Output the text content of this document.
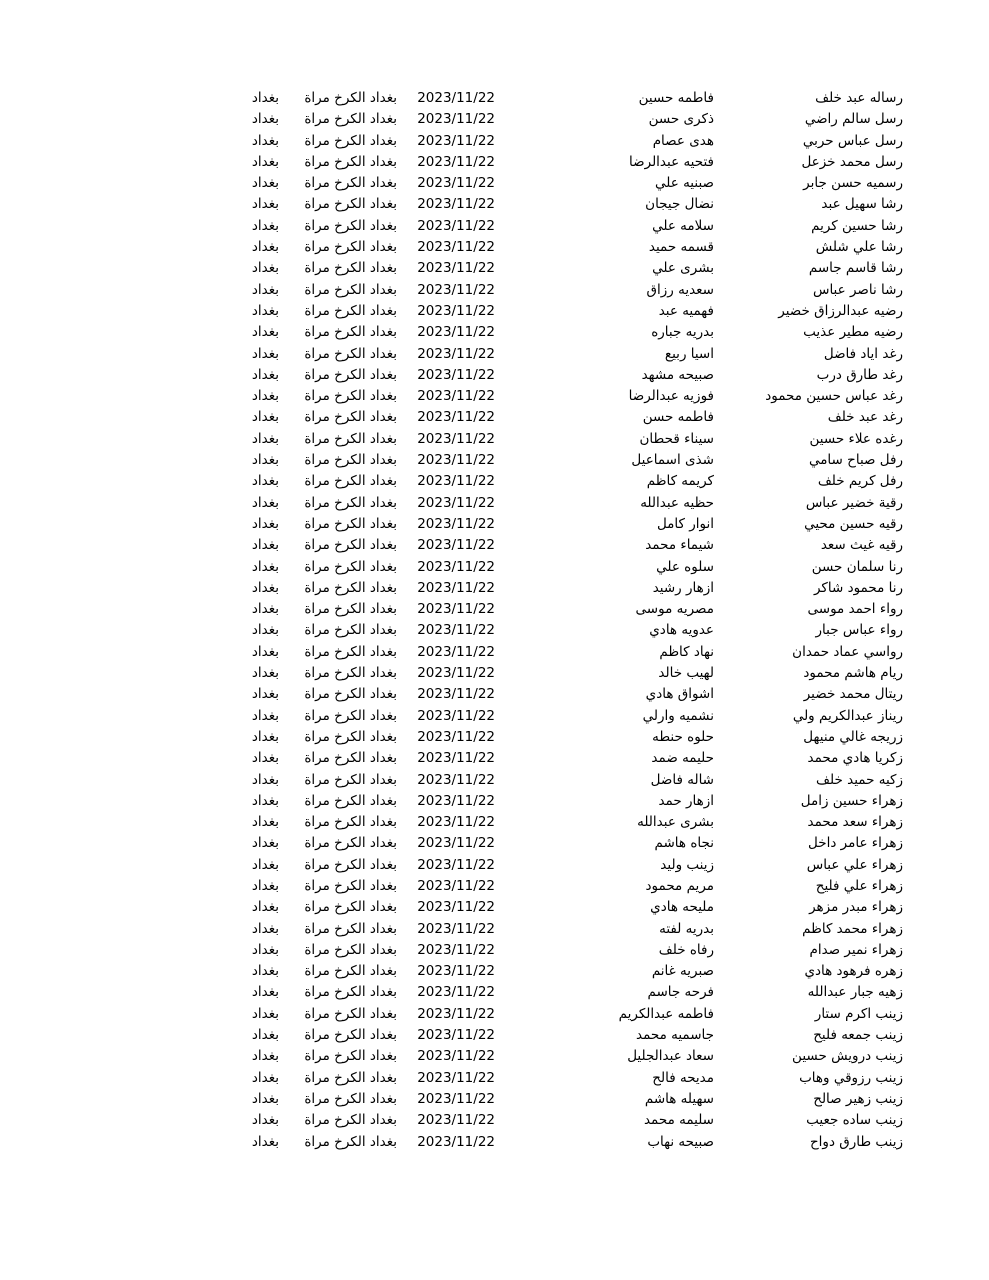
رساله عبد خلف
فاطمه حسين
2023/11/22
بغداد الكرخ مراة
بغداد
رسل سالم راضي
ذكرى حسن
2023/11/22
بغداد الكرخ مراة
بغداد
رسل عباس حربي
هدى عصام
2023/11/22
بغداد الكرخ مراة
بغداد
رسل محمد خزعل
فتحيه عبدالرضا
2023/11/22
بغداد الكرخ مراة
بغداد
رسميه حسن جابر
صبنيه علي
2023/11/22
بغداد الكرخ مراة
بغداد
رشا سهيل عبد
نضال جيجان
2023/11/22
بغداد الكرخ مراة
بغداد
رشا حسين كريم
سلامه علي
2023/11/22
بغداد الكرخ مراة
بغداد
رشا علي شلش
قسمه حميد
2023/11/22
بغداد الكرخ مراة
بغداد
رشا قاسم جاسم
بشرى علي
2023/11/22
بغداد الكرخ مراة
بغداد
رشا ناصر عباس
سعديه رزاق
2023/11/22
بغداد الكرخ مراة
بغداد
رضيه عبدالرزاق خضير
فهميه عبد
2023/11/22
بغداد الكرخ مراة
بغداد
رضيه مطير عذيب
بدريه جباره
2023/11/22
بغداد الكرخ مراة
بغداد
رغد اياد فاضل
اسيا ربيع
2023/11/22
بغداد الكرخ مراة
بغداد
رغد طارق درب
صبيحه مشهد
2023/11/22
بغداد الكرخ مراة
بغداد
رغد عباس حسين محمود
فوزيه عبدالرضا
2023/11/22
بغداد الكرخ مراة
بغداد
رغد عبد خلف
فاطمه حسن
2023/11/22
بغداد الكرخ مراة
بغداد
رغده علاء حسين
سيناء قحطان
2023/11/22
بغداد الكرخ مراة
بغداد
رفل صباح سامي
شذى اسماعيل
2023/11/22
بغداد الكرخ مراة
بغداد
رفل كريم خلف
كريمه كاظم
2023/11/22
بغداد الكرخ مراة
بغداد
رقية خضير عباس
حظيه عبدالله
2023/11/22
بغداد الكرخ مراة
بغداد
رقيه حسين محيي
انوار كامل
2023/11/22
بغداد الكرخ مراة
بغداد
رقيه غيث سعد
شيماء محمد
2023/11/22
بغداد الكرخ مراة
بغداد
رنا سلمان حسن
سلوه علي
2023/11/22
بغداد الكرخ مراة
بغداد
رنا محمود شاكر
ازهار رشيد
2023/11/22
بغداد الكرخ مراة
بغداد
رواء احمد موسى
مصريه موسى
2023/11/22
بغداد الكرخ مراة
بغداد
رواء عباس جبار
عدويه هادي
2023/11/22
بغداد الكرخ مراة
بغداد
رواسي عماد حمدان
نهاد كاظم
2023/11/22
بغداد الكرخ مراة
بغداد
ريام هاشم محمود
لهيب خالد
2023/11/22
بغداد الكرخ مراة
بغداد
ريتال محمد خضير
اشواق هادي
2023/11/22
بغداد الكرخ مراة
بغداد
ريناز عبدالكريم ولي
نشميه وارلي
2023/11/22
بغداد الكرخ مراة
بغداد
زريجه غالي منيهل
حلوه حنطه
2023/11/22
بغداد الكرخ مراة
بغداد
زكريا هادي محمد
حليمه ضمد
2023/11/22
بغداد الكرخ مراة
بغداد
زكيه حميد خلف
شاله فاضل
2023/11/22
بغداد الكرخ مراة
بغداد
زهراء حسين زامل
ازهار حمد
2023/11/22
بغداد الكرخ مراة
بغداد
زهراء سعد محمد
بشرى عبدالله
2023/11/22
بغداد الكرخ مراة
بغداد
زهراء عامر داخل
نجاه هاشم
2023/11/22
بغداد الكرخ مراة
بغداد
زهراء علي عباس
زينب وليد
2023/11/22
بغداد الكرخ مراة
بغداد
زهراء علي فليح
مريم محمود
2023/11/22
بغداد الكرخ مراة
بغداد
زهراء مبدر مزهر
مليحه هادي
2023/11/22
بغداد الكرخ مراة
بغداد
زهراء محمد كاظم
بدريه لفته
2023/11/22
بغداد الكرخ مراة
بغداد
زهراء نمير صدام
رفاه خلف
2023/11/22
بغداد الكرخ مراة
بغداد
زهره فرهود هادي
صبريه غانم
2023/11/22
بغداد الكرخ مراة
بغداد
زهيه جبار عبدالله
فرحه جاسم
2023/11/22
بغداد الكرخ مراة
بغداد
زينب اكرم ستار
فاطمه عبدالكريم
2023/11/22
بغداد الكرخ مراة
بغداد
زينب جمعه فليح
جاسميه محمد
2023/11/22
بغداد الكرخ مراة
بغداد
زينب درويش حسين
سعاد عبدالجليل
2023/11/22
بغداد الكرخ مراة
بغداد
زينب رزوقي وهاب
مديحه فالح
2023/11/22
بغداد الكرخ مراة
بغداد
زينب زهير صالح
سهيله هاشم
2023/11/22
بغداد الكرخ مراة
بغداد
زينب ساده جعيب
سليمه محمد
2023/11/22
بغداد الكرخ مراة
بغداد
زينب طارق دواح
صبيحه نهاب
2023/11/22
بغداد الكرخ مراة
بغداد
